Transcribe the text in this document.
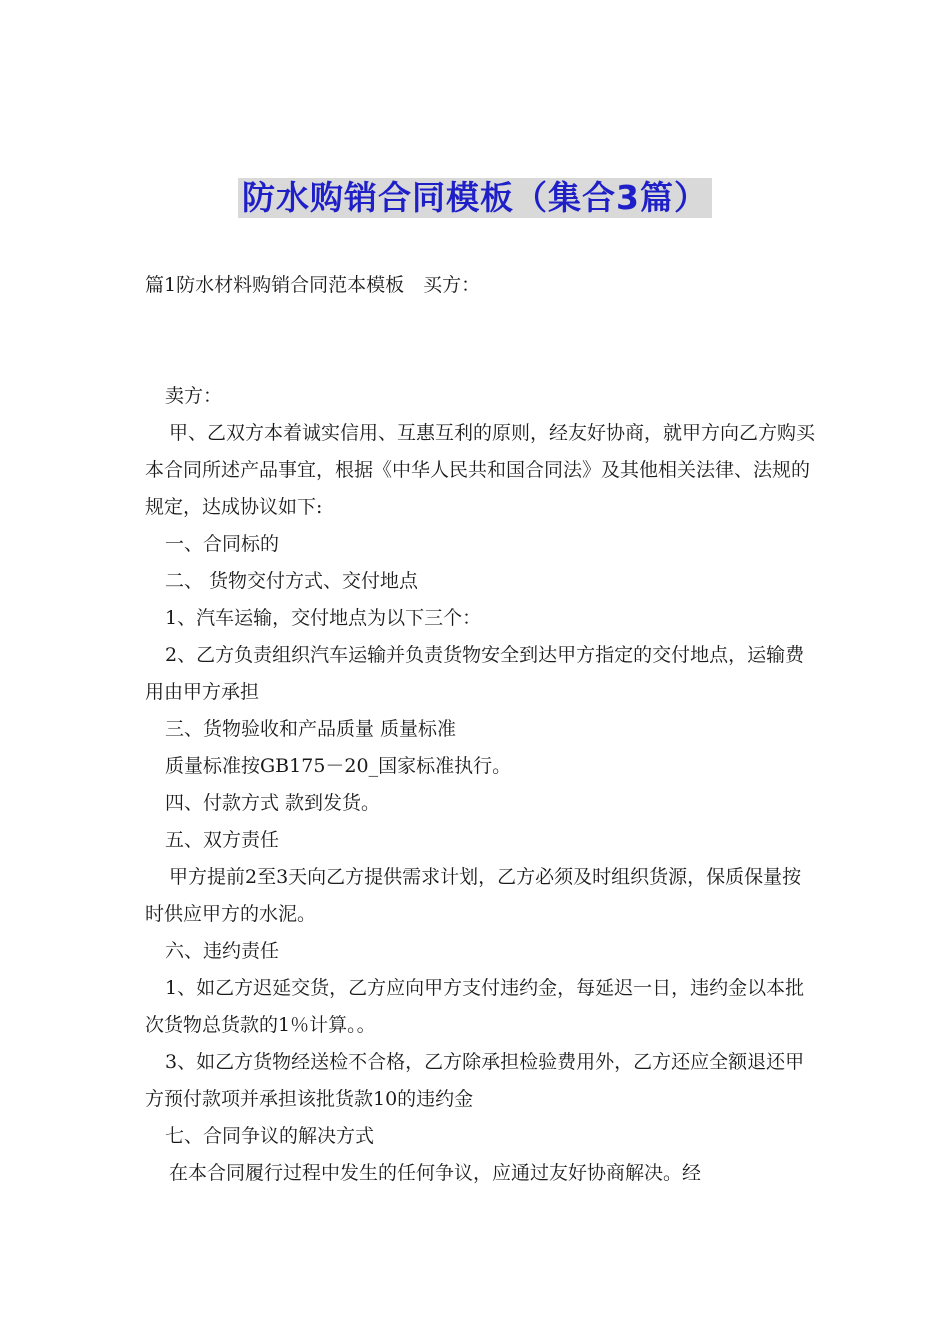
防水购销合同模板（集合3篇）
篇1防水材料购销合同范本模板　买方：

卖方：

甲、乙双方本着诚实信用、互惠互利的原则，经友好协商，就甲方向乙方购买本合同所述产品事宜，根据《中华人民共和国合同法》及其他相关法律、法规的规定，达成协议如下:

一、合同标的

二、 货物交付方式、交付地点

1、汽车运输，交付地点为以下三个：

2、乙方负责组织汽车运输并负责货物安全到达甲方指定的交付地点，运输费用由甲方承担

三、货物验收和产品质量 质量标准

质量标准按GB175－20_国家标准执行。

四、付款方式 款到发货。

五、双方责任

甲方提前2至3天向乙方提供需求计划，乙方必须及时组织货源，保质保量按时供应甲方的水泥。

六、违约责任

1、如乙方迟延交货，乙方应向甲方支付违约金，每延迟一日，违约金以本批次货物总货款的1％计算。。

3、如乙方货物经送检不合格，乙方除承担检验费用外，乙方还应全额退还甲方预付款项并承担该批货款10的违约金

七、合同争议的解决方式

在本合同履行过程中发生的任何争议，应通过友好协商解决。经
